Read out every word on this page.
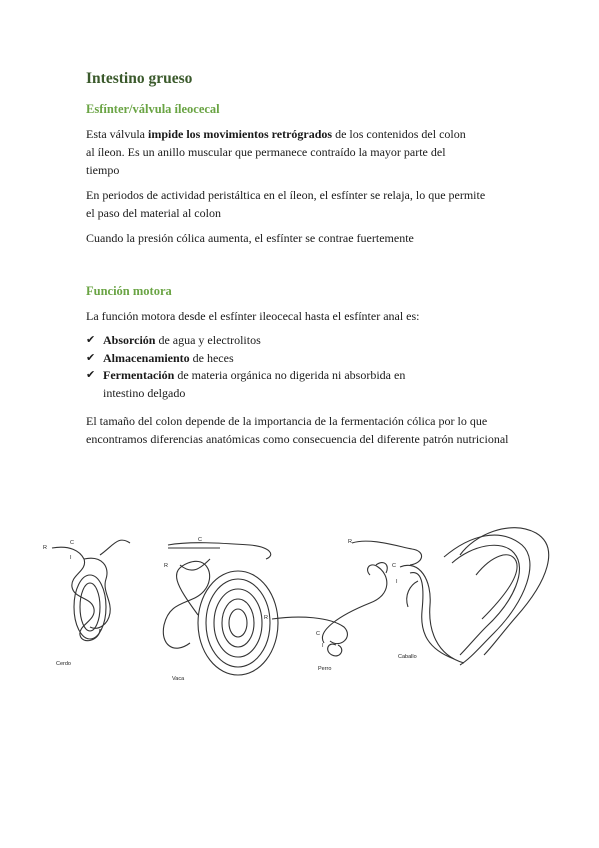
Intestino grueso
Esfínter/válvula íleocecal

Esta válvula impide los movimientos retrógrados de los contenidos del colon al íleon. Es un anillo muscular que permanece contraído la mayor parte del tiempo

En periodos de actividad peristáltica en el íleon, el esfínter se relaja, lo que permite el paso del material al colon

Cuando la presión cólica aumenta, el esfínter se contrae fuertemente

Función motora

La función motora desde el esfínter ileocecal hasta el esfínter anal es:

✔ Absorción de agua y electrolitos
✔ Almacenamiento de heces
✔ Fermentación de materia orgánica no digerida ni absorbida en intestino delgado

El tamaño del colon depende de la importancia de la fermentación cólica por lo que encontramos diferencias anatómicas como consecuencia del diferente patrón nutricional

R
C
I
Cerdo
R
C
Vaca
R
C
I
Perro
R
C
I
Caballo
